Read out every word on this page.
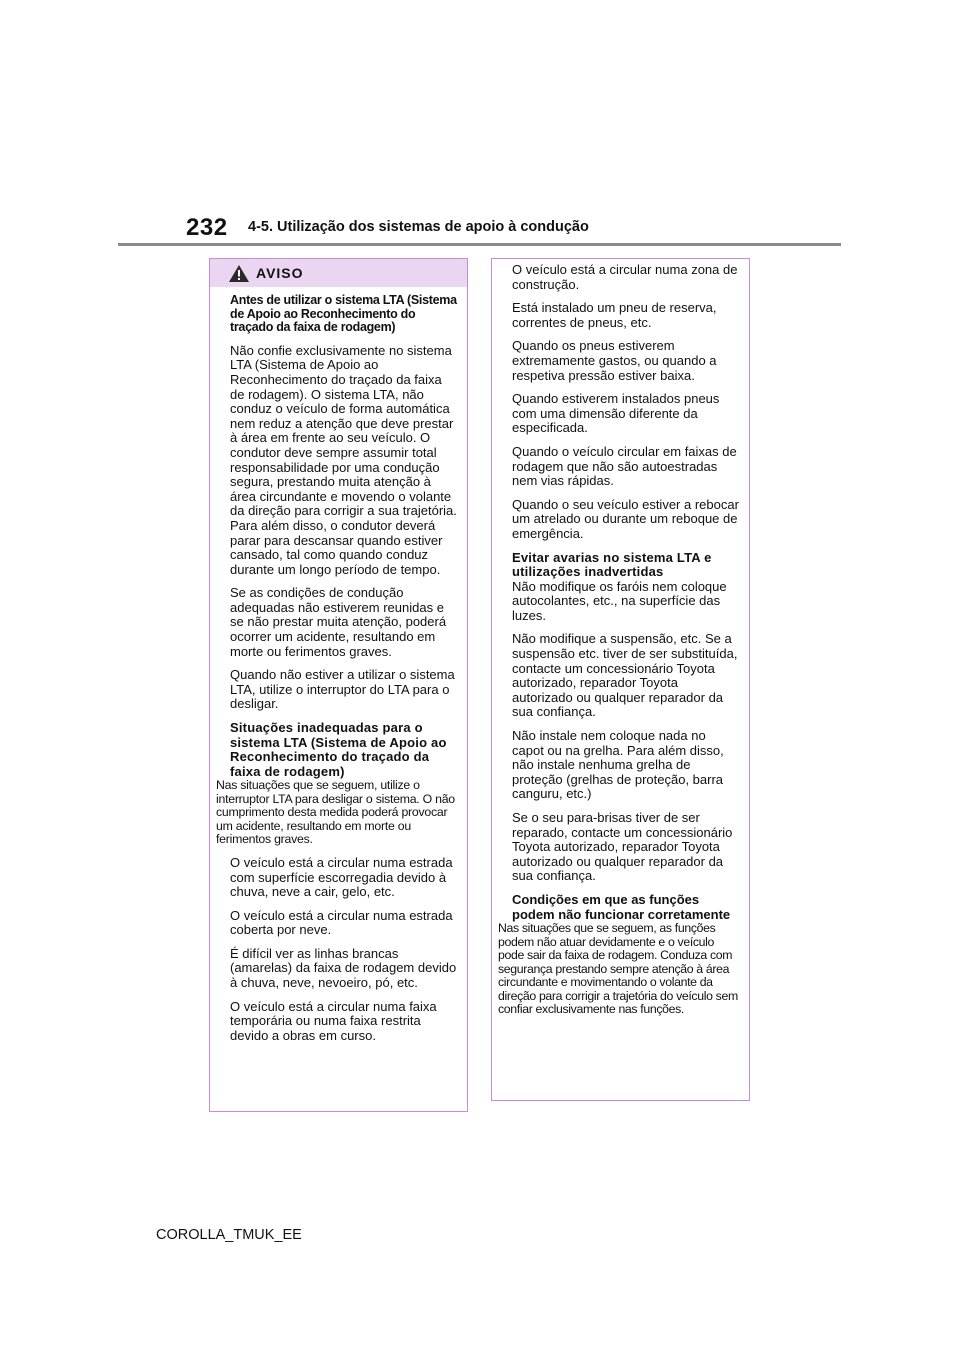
232 4-5. Utilização dos sistemas de apoio à condução
AVISO
Antes de utilizar o sistema LTA (Sistema de Apoio ao Reconhecimento do traçado da faixa de rodagem)

Não confie exclusivamente no sistema LTA (Sistema de Apoio ao Reconhecimento do traçado da faixa de rodagem). O sistema LTA, não conduz o veículo de forma automática nem reduz a atenção que deve prestar à área em frente ao seu veículo. O condutor deve sempre assumir total responsabilidade por uma condução segura, prestando muita atenção à área circundante e movendo o volante da direção para corrigir a sua trajetória. Para além disso, o condutor deverá parar para descansar quando estiver cansado, tal como quando conduz durante um longo período de tempo.

Se as condições de condução adequadas não estiverem reunidas e se não prestar muita atenção, poderá ocorrer um acidente, resultando em morte ou ferimentos graves.

Quando não estiver a utilizar o sistema LTA, utilize o interruptor do LTA para o desligar.

Situações inadequadas para o sistema LTA (Sistema de Apoio ao Reconhecimento do traçado da faixa de rodagem)

Nas situações que se seguem, utilize o interruptor LTA para desligar o sistema. O não cumprimento desta medida poderá provocar um acidente, resultando em morte ou ferimentos graves.

O veículo está a circular numa estrada com superfície escorregadia devido à chuva, neve a cair, gelo, etc.

O veículo está a circular numa estrada coberta por neve.

É difícil ver as linhas brancas (amarelas) da faixa de rodagem devido à chuva, neve, nevoeiro, pó, etc.

O veículo está a circular numa faixa temporária ou numa faixa restrita devido a obras em curso.

O veículo está a circular numa zona de construção.

Está instalado um pneu de reserva, correntes de pneus, etc.

Quando os pneus estiverem extremamente gastos, ou quando a respetiva pressão estiver baixa.

Quando estiverem instalados pneus com uma dimensão diferente da especificada.

Quando o veículo circular em faixas de rodagem que não são autoestradas nem vias rápidas.

Quando o seu veículo estiver a rebocar um atrelado ou durante um reboque de emergência.

Evitar avarias no sistema LTA e utilizações inadvertidas

Não modifique os faróis nem coloque autocolantes, etc., na superfície das luzes.

Não modifique a suspensão, etc. Se a suspensão etc. tiver de ser substituída, contacte um concessionário Toyota autorizado, reparador Toyota autorizado ou qualquer reparador da sua confiança.

Não instale nem coloque nada no capot ou na grelha. Para além disso, não instale nenhuma grelha de proteção (grelhas de proteção, barra canguru, etc.)

Se o seu para-brisas tiver de ser reparado, contacte um concessionário Toyota autorizado, reparador Toyota autorizado ou qualquer reparador da sua confiança.

Condições em que as funções podem não funcionar corretamente

Nas situações que se seguem, as funções podem não atuar devidamente e o veículo pode sair da faixa de rodagem. Conduza com segurança prestando sempre atenção à área circundante e movimentando o volante da direção para corrigir a trajetória do veículo sem confiar exclusivamente nas funções.

COROLLA_TMUK_EE
